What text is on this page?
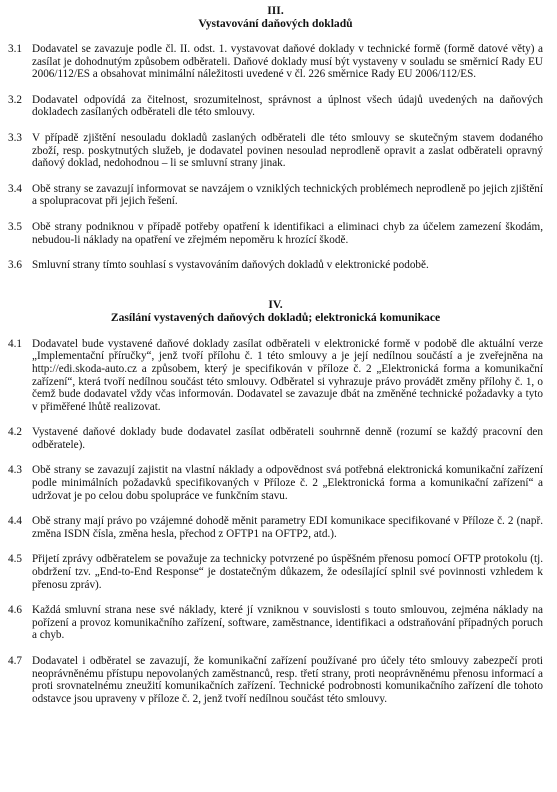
III.
Vystavování daňových dokladů
3.1 Dodavatel se zavazuje podle čl. II. odst. 1. vystavovat daňové doklady v technické formě (formě datové věty) a zasílat je dohodnutým způsobem odběrateli. Daňové doklady musí být vystaveny v souladu se směrnicí Rady EU 2006/112/ES a obsahovat minimální náležitosti uvedené v čl. 226 směrnice Rady EU 2006/112/ES.
3.2 Dodavatel odpovídá za čitelnost, srozumitelnost, správnost a úplnost všech údajů uvedených na daňových dokladech zasílaných odběrateli dle této smlouvy.
3.3 V případě zjištění nesouladu dokladů zaslaných odběrateli dle této smlouvy se skutečným stavem dodaného zboží, resp. poskytnutých služeb, je dodavatel povinen nesoulad neprodleně opravit a zaslat odběrateli opravný daňový doklad, nedohodnou – li se smluvní strany jinak.
3.4 Obě strany se zavazují informovat se navzájem o vzniklých technických problémech neprodleně po jejich zjištění a spolupracovat při jejich řešení.
3.5 Obě strany podniknou v případě potřeby opatření k identifikaci a eliminaci chyb za účelem zamezení škodám, nebudou-li náklady na opatření ve zřejmém nepoměru k hrozící škodě.
3.6 Smluvní strany tímto souhlasí s vystavováním daňových dokladů v elektronické podobě.
IV.
Zasílání vystavených daňových dokladů; elektronická komunikace
4.1 Dodavatel bude vystavené daňové doklady zasílat odběrateli v elektronické formě v podobě dle aktuální verze „Implementační příručky“, jenž tvoří přílohu č. 1 této smlouvy a je její nedílnou součástí a je zveřejněna na http://edi.skoda-auto.cz a způsobem, který je specifikován v příloze č. 2 „Elektronická forma a komunikační zařízení“, která tvoří nedílnou součást této smlouvy. Odběratel si vyhrazuje právo provádět změny přílohy č. 1, o čemž bude dodavatel vždy včas informován. Dodavatel se zavazuje dbát na změněné technické požadavky a tyto v přiměřené lhůtě realizovat.
4.2 Vystavené daňové doklady bude dodavatel zasílat odběrateli souhrnně denně (rozumí se každý pracovní den odběratele).
4.3 Obě strany se zavazují zajistit na vlastní náklady a odpovědnost svá potřebná elektronická komunikační zařízení podle minimálních požadavků specifikovaných v Příloze č. 2 „Elektronická forma a komunikační zařízení“ a udržovat je po celou dobu spolupráce ve funkčním stavu.
4.4 Obě strany mají právo po vzájemné dohodě měnit parametry EDI komunikace specifikované v Příloze č. 2 (např. změna ISDN čísla, změna hesla, přechod z OFTP1 na OFTP2, atd.).
4.5 Přijetí zprávy odběratelem se považuje za technicky potvrzené po úspěšném přenosu pomocí OFTP protokolu (tj. obdržení tzv. „End-to-End Response“ je dostatečným důkazem, že odesílající splnil své povinnosti vzhledem k přenosu zpráv).
4.6 Každá smluvní strana nese své náklady, které jí vzniknou v souvislosti s touto smlouvou, zejména náklady na pořízení a provoz komunikačního zařízení, software, zaměstnance, identifikaci a odstraňování případných poruch a chyb.
4.7 Dodavatel i odběratel se zavazují, že komunikační zařízení používané pro účely této smlouvy zabezpečí proti neoprávněnému přístupu nepovolaných zaměstnanců, resp. třetí strany, proti neoprávněnému přenosu informací a proti srovnatelnému zneužití komunikačních zařízení. Technické podrobnosti komunikačního zařízení dle tohoto odstavce jsou upraveny v příloze č. 2, jenž tvoří nedílnou součást této smlouvy.
